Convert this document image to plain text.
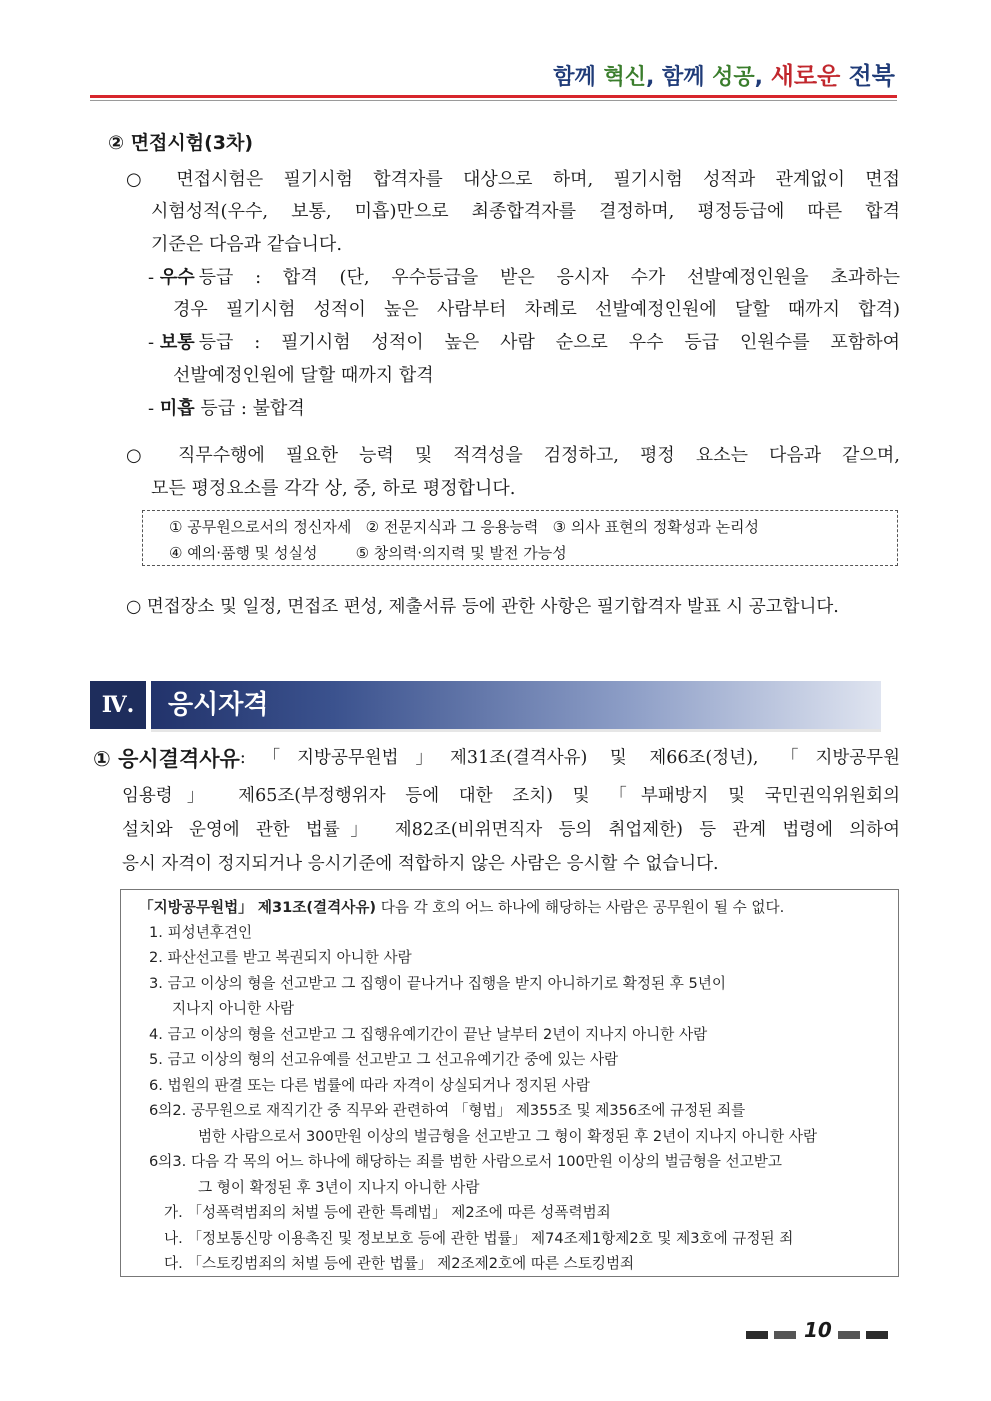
함께 혁신, 함께 성공, 새로운 전북
② 면접시험(3차)
○ 면접시험은 필기시험 합격자를 대상으로 하며, 필기시험 성적과 관계없이 면접
시험성적(우수, 보통, 미흡)만으로 최종합격자를 결정하며, 평정등급에 따른 합격
기준은 다음과 같습니다.
- 우수 등급 : 합격 (단, 우수등급을 받은 응시자 수가 선발예정인원을 초과하는
경우 필기시험 성적이 높은 사람부터 차례로 선발예정인원에 달할 때까지 합격)
- 보통 등급 : 필기시험 성적이 높은 사람 순으로 우수 등급 인원수를 포함하여
선발예정인원에 달할 때까지 합격
- 미흡 등급 : 불합격
○ 직무수행에 필요한 능력 및 적격성을 검정하고, 평정 요소는 다음과 같으며,
모든 평정요소를 각각 상, 중, 하로 평정합니다.
① 공무원으로서의 정신자세   ② 전문지식과 그 응용능력   ③ 의사 표현의 정확성과 논리성
④ 예의·품행 및 성실성        ⑤ 창의력·의지력 및 발전 가능성
○ 면접장소 및 일정, 면접조 편성, 제출서류 등에 관한 사항은 필기합격자 발표 시 공고합니다.
Ⅳ.	응시자격
① 응시결격사유 :「지방공무원법」제31조(결격사유) 및 제66조(정년), 「지방공무원
임용령」 제65조(부정행위자 등에 대한 조치) 및 「부패방지 및 국민권익위원회의
설치와 운영에 관한 법률」 제82조(비위면직자 등의 취업제한) 등 관계 법령에 의하여
응시 자격이 정지되거나 응시기준에 적합하지 않은 사람은 응시할 수 없습니다.
「지방공무원법」 제31조(결격사유) 다음 각 호의 어느 하나에 해당하는 사람은 공무원이 될 수 없다.
1. 피성년후견인
2. 파산선고를 받고 복권되지 아니한 사람
3. 금고 이상의 형을 선고받고 그 집행이 끝나거나 집행을 받지 아니하기로 확정된 후 5년이
지나지 아니한 사람
4. 금고 이상의 형을 선고받고 그 집행유예기간이 끝난 날부터 2년이 지나지 아니한 사람
5. 금고 이상의 형의 선고유예를 선고받고 그 선고유예기간 중에 있는 사람
6. 법원의 판결 또는 다른 법률에 따라 자격이 상실되거나 정지된 사람
6의2. 공무원으로 재직기간 중 직무와 관련하여 「형법」 제355조 및 제356조에 규정된 죄를
범한 사람으로서 300만원 이상의 벌금형을 선고받고 그 형이 확정된 후 2년이 지나지 아니한 사람
6의3. 다음 각 목의 어느 하나에 해당하는 죄를 범한 사람으로서 100만원 이상의 벌금형을 선고받고
그 형이 확정된 후 3년이 지나지 아니한 사람
가. 「성폭력범죄의 처벌 등에 관한 특례법」 제2조에 따른 성폭력범죄
나. 「정보통신망 이용촉진 및 정보보호 등에 관한 법률」 제74조제1항제2호 및 제3호에 규정된 죄
다. 「스토킹범죄의 처벌 등에 관한 법률」 제2조제2호에 따른 스토킹범죄
10
